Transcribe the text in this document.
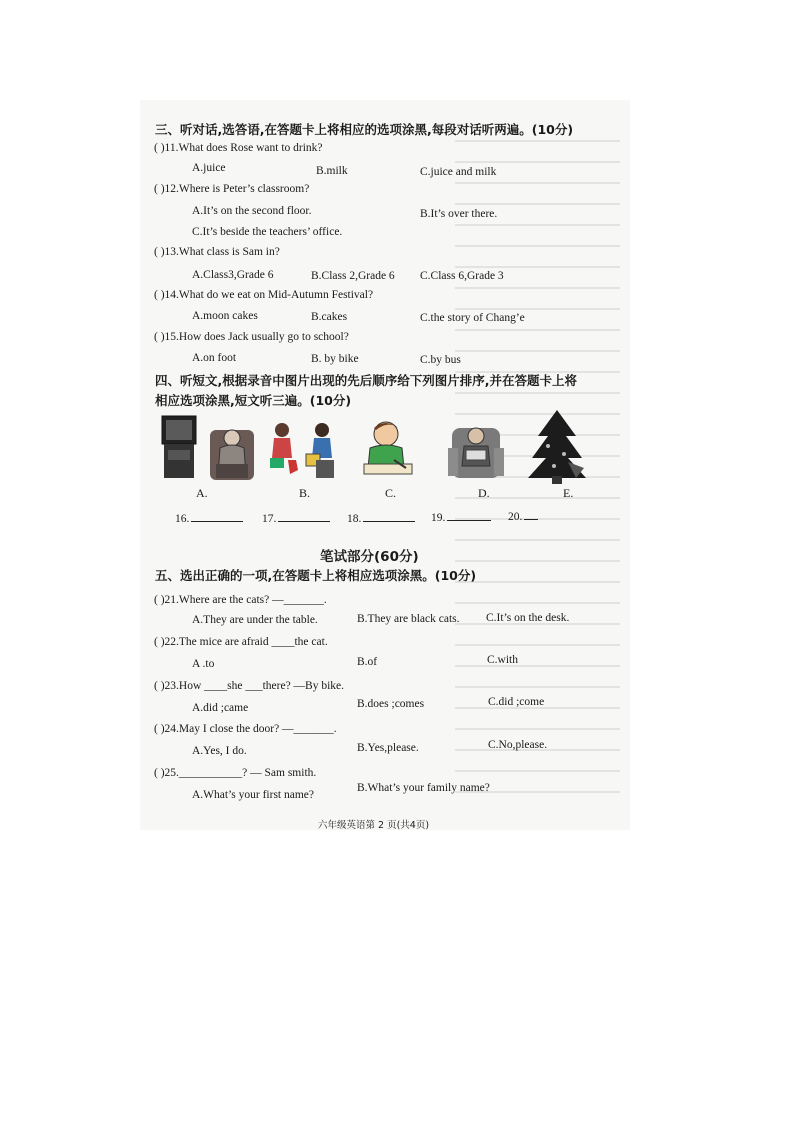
三、听对话,选答语,在答题卡上将相应的选项涂黑,每段对话听两遍。(10分)
( )11.What does Rose want to drink?
A.juice	B.milk	C.juice and milk
( )12.Where is Peter’s classroom?
A.It’s on the second floor.	B.It’s over there.
C.It’s beside the teachers’ office.
( )13.What class is Sam in?
A.Class3,Grade 6	B.Class 2,Grade 6 C.Class 6,Grade 3
( )14.What do we eat on Mid-Autumn Festival?
A.moon cakes	B.cakes	C.the story of Chang’e
( )15.How does Jack usually go to school?
A.on foot	B. by bike	C.by bus
四、听短文,根据录音中图片出现的先后顺序给下列图片排序,并在答题卡上将
相应选项涂黑,短文听三遍。(10分)
A.	B.	C.	D.	E.
16.	17.	18.	19.	20.
笔试部分(60分)
五、选出正确的一项,在答题卡上将相应选项涂黑。(10分)
( )21.Where are the cats? —_______.
A.They are under the table.	B.They are black cats. C.It’s on the desk.
( )22.The mice are afraid ____the cat.
A .to	B.of	C.with
( )23.How ____she ___there? —By bike.
A.did ;came	B.does ;comes	C.did ;come
( )24.May I close the door? —_______.
A.Yes, I do.	B.Yes,please.	C.No,please.
( )25.___________? — Sam smith.
A.What’s your first name?
B.What’s your family name?
六年级英语第 2 页(共4页)
